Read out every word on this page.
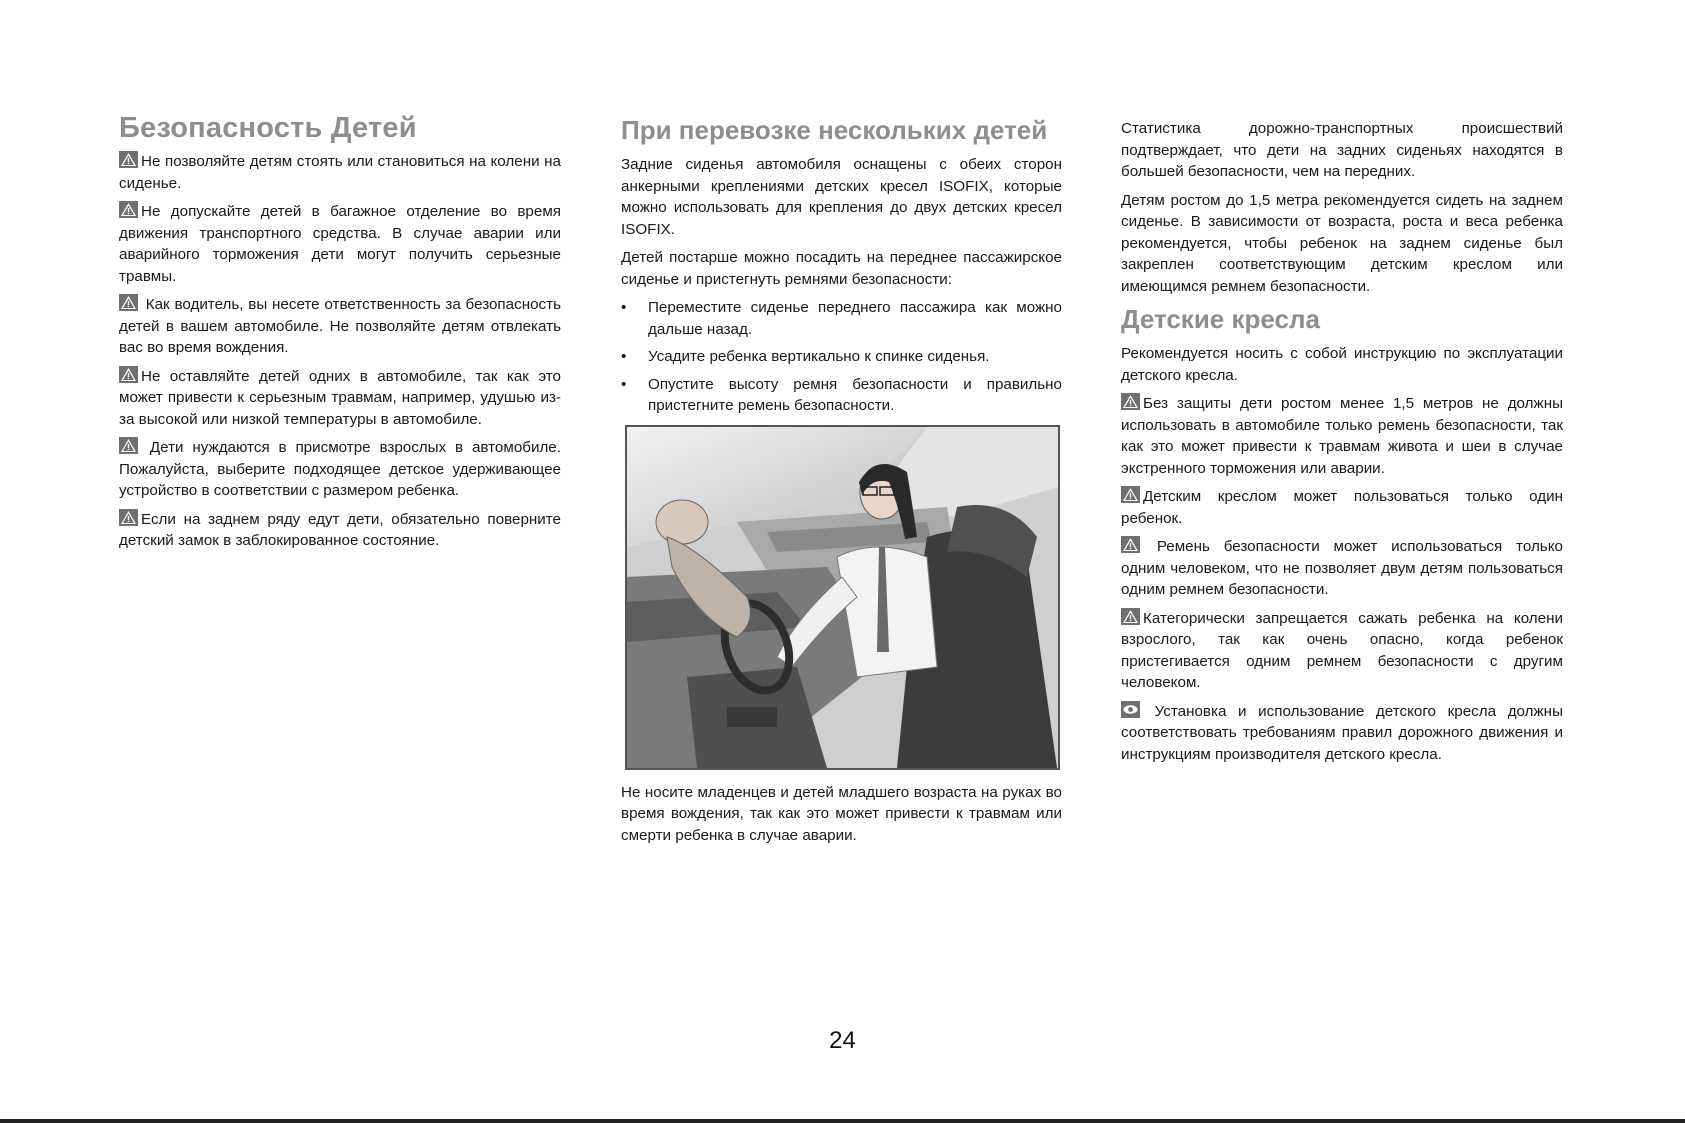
Безопасность Детей

Не позволяйте детям стоять или становиться на колени на сиденье.

Не допускайте детей в багажное отделение во время движения транспортного средства. В случае аварии или аварийного торможения дети могут получить серьезные травмы.

Как водитель, вы несете ответственность за безопасность детей в вашем автомобиле. Не позволяйте детям отвлекать вас во время вождения.

Не оставляйте детей одних в автомобиле, так как это может привести к серьезным травмам, например, удушью из-за высокой или низкой температуры в автомобиле.

Дети нуждаются в присмотре взрослых в автомобиле. Пожалуйста, выберите подходящее детское удерживающее устройство в соответствии с размером ребенка.

Если на заднем ряду едут дети, обязательно поверните детский замок в заблокированное состояние.

При перевозке нескольких детей

Задние сиденья автомобиля оснащены с обеих сторон анкерными креплениями детских кресел ISOFIX, которые можно использовать для крепления до двух детских кресел ISOFIX.

Детей постарше можно посадить на переднее пассажирское сиденье и пристегнуть ремнями безопасности:

• Переместите сиденье переднего пассажира как можно дальше назад.
• Усадите ребенка вертикально к спинке сиденья.
• Опустите высоту ремня безопасности и правильно пристегните ремень безопасности.

Не носите младенцев и детей младшего возраста на руках во время вождения, так как это может привести к травмам или смерти ребенка в случае аварии.

Статистика дорожно-транспортных происшествий подтверждает, что дети на задних сиденьях находятся в большей безопасности, чем на передних.

Детям ростом до 1,5 метра рекомендуется сидеть на заднем сиденье. В зависимости от возраста, роста и веса ребенка рекомендуется, чтобы ребенок на заднем сиденье был закреплен соответствующим детским креслом или имеющимся ремнем безопасности.

Детские кресла

Рекомендуется носить с собой инструкцию по эксплуатации детского кресла.

Без защиты дети ростом менее 1,5 метров не должны использовать в автомобиле только ремень безопасности, так как это может привести к травмам живота и шеи в случае экстренного торможения или аварии.

Детским креслом может пользоваться только один ребенок.

Ремень безопасности может использоваться только одним человеком, что не позволяет двум детям пользоваться одним ремнем безопасности.

Категорически запрещается сажать ребенка на колени взрослого, так как очень опасно, когда ребенок пристегивается одним ремнем безопасности с другим человеком.

Установка и использование детского кресла должны соответствовать требованиям правил дорожного движения и инструкциям производителя детского кресла.

24
